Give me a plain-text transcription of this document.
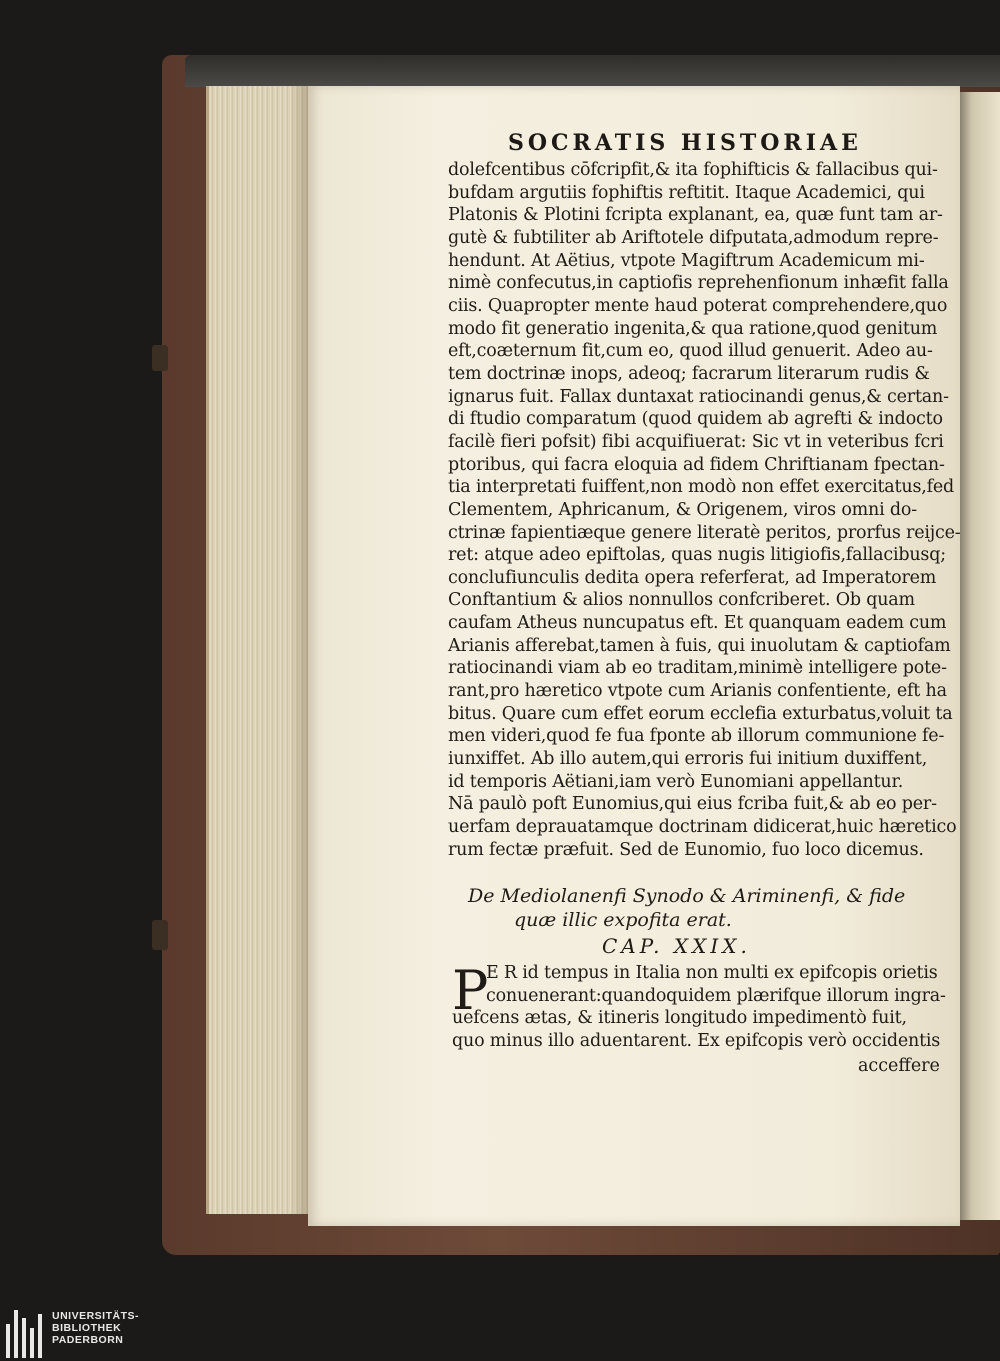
SOCRATIS HISTORIAE
dolefcentibus cōfcripfit,& ita fophifticis & fallacibus qui-
bufdam argutiis fophiftis reftitit. Itaque Academici, qui
Platonis & Plotini fcripta explanant, ea, quæ funt tam ar-
gutè & fubtiliter ab Ariftotele difputata,admodum repre-
hendunt. At Aëtius, vtpote Magiftrum Academicum mi-
nimè confecutus,in captiofis reprehenfionum inhæfit falla
ciis. Quapropter mente haud poterat comprehendere,quo
modo fit generatio ingenita,& qua ratione,quod genitum
eft,coæternum fit,cum eo, quod illud genuerit. Adeo au-
tem doctrinæ inops, adeoq; facrarum literarum rudis &
ignarus fuit. Fallax duntaxat ratiocinandi genus,& certan-
di ftudio comparatum (quod quidem ab agrefti & indocto
facilè fieri pofsit) fibi acquifiuerat: Sic vt in veteribus fcri
ptoribus, qui facra eloquia ad fidem Chriftianam fpectan-
tia interpretati fuiffent,non modò non effet exercitatus,fed
Clementem, Aphricanum, & Origenem, viros omni do-
ctrinæ fapientiæque genere literatè peritos, prorfus reijce-
ret: atque adeo epiftolas, quas nugis litigiofis,fallacibusq;
conclufiunculis dedita opera referferat, ad Imperatorem
Conftantium & alios nonnullos confcriberet. Ob quam
caufam Atheus nuncupatus eft. Et quanquam eadem cum
Arianis afferebat,tamen à fuis, qui inuolutam & captiofam
ratiocinandi viam ab eo traditam,minimè intelligere pote-
rant,pro hæretico vtpote cum Arianis confentiente, eft ha
bitus. Quare cum effet eorum ecclefia exturbatus,voluit ta
men videri,quod fe fua fponte ab illorum communione fe-
iunxiffet. Ab illo autem,qui erroris fui initium duxiffent,
id temporis Aëtiani,iam verò Eunomiani appellantur.
Nā paulò poft Eunomius,qui eius fcriba fuit,& ab eo per-
uerfam deprauatamque doctrinam didicerat,huic hæretico
rum fectæ præfuit. Sed de Eunomio, fuo loco dicemus.
De Mediolanenfi Synodo & Ariminenfi, & fide
quæ illic expofita erat.
CAP. XXIX.
P
E R id tempus in Italia non multi ex epifcopis orietis
conuenerant:quandoquidem plærifque illorum ingra-
uefcens ætas, & itineris longitudo impedimentò fuit,
quo minus illo aduentarent. Ex epifcopis verò occidentis
acceffere
UNIVERSITÄTS-
BIBLIOTHEK
PADERBORN
